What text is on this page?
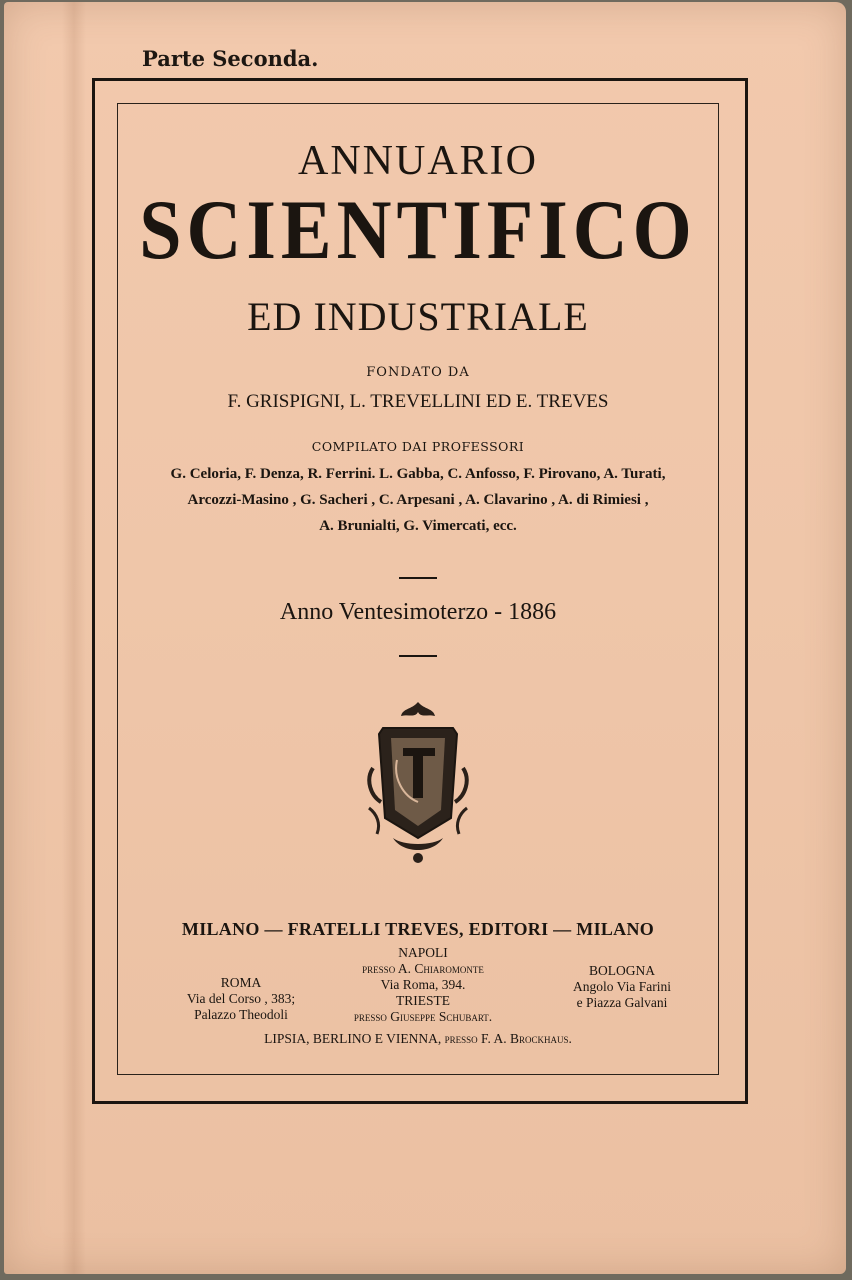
Parte Seconda.
ANNUARIO
SCIENTIFICO
ED INDUSTRIALE
FONDATO DA
F. GRISPIGNI, L. TREVELLINI ED E. TREVES
COMPILATO DAI PROFESSORI
G. Celoria, F. Denza, R. Ferrini. L. Gabba, C. Anfosso, F. Pirovano, A. Turati,
Arcozzi-Masino , G. Sacheri , C. Arpesani , A. Clavarino , A. di Rimiesi ,
A. Brunialti, G. Vimercati, ecc.
Anno Ventesimoterzo - 1886
MILANO — FRATELLI TREVES, EDITORI — MILANO
ROMA
Via del Corso , 383;
Palazzo Theodoli
NAPOLI
presso A. Chiaromonte
Via Roma, 394.
TRIESTE
presso Giuseppe Schubart.
BOLOGNA
Angolo Via Farini
e Piazza Galvani
LIPSIA, BERLINO E VIENNA, presso F. A. Brockhaus.
